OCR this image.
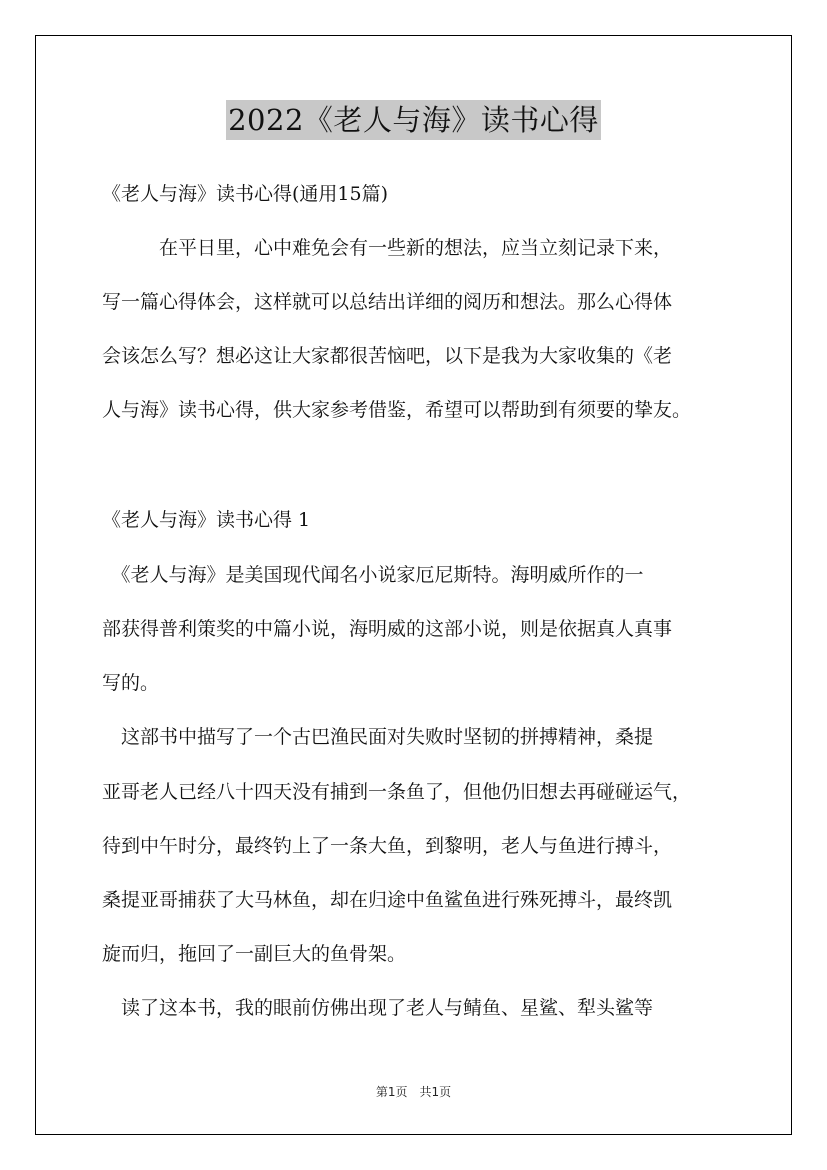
2022《老人与海》读书心得
《老人与海》读书心得(通用15篇)
　　　在平日里，心中难免会有一些新的想法，应当立刻记录下来，
写一篇心得体会，这样就可以总结出详细的阅历和想法。那么心得体
会该怎么写？想必这让大家都很苦恼吧，以下是我为大家收集的《老
人与海》读书心得，供大家参考借鉴，希望可以帮助到有须要的挚友。
《老人与海》读书心得 1
　《老人与海》是美国现代闻名小说家厄尼斯特。海明威所作的一
部获得普利策奖的中篇小说，海明威的这部小说，则是依据真人真事
写的。
　这部书中描写了一个古巴渔民面对失败时坚韧的拼搏精神，桑提
亚哥老人已经八十四天没有捕到一条鱼了，但他仍旧想去再碰碰运气，
待到中午时分，最终钓上了一条大鱼，到黎明，老人与鱼进行搏斗，
桑提亚哥捕获了大马林鱼，却在归途中鱼鲨鱼进行殊死搏斗，最终凯
旋而归，拖回了一副巨大的鱼骨架。
　读了这本书，我的眼前仿佛出现了老人与鲭鱼、星鲨、犁头鲨等
第1页　共1页
